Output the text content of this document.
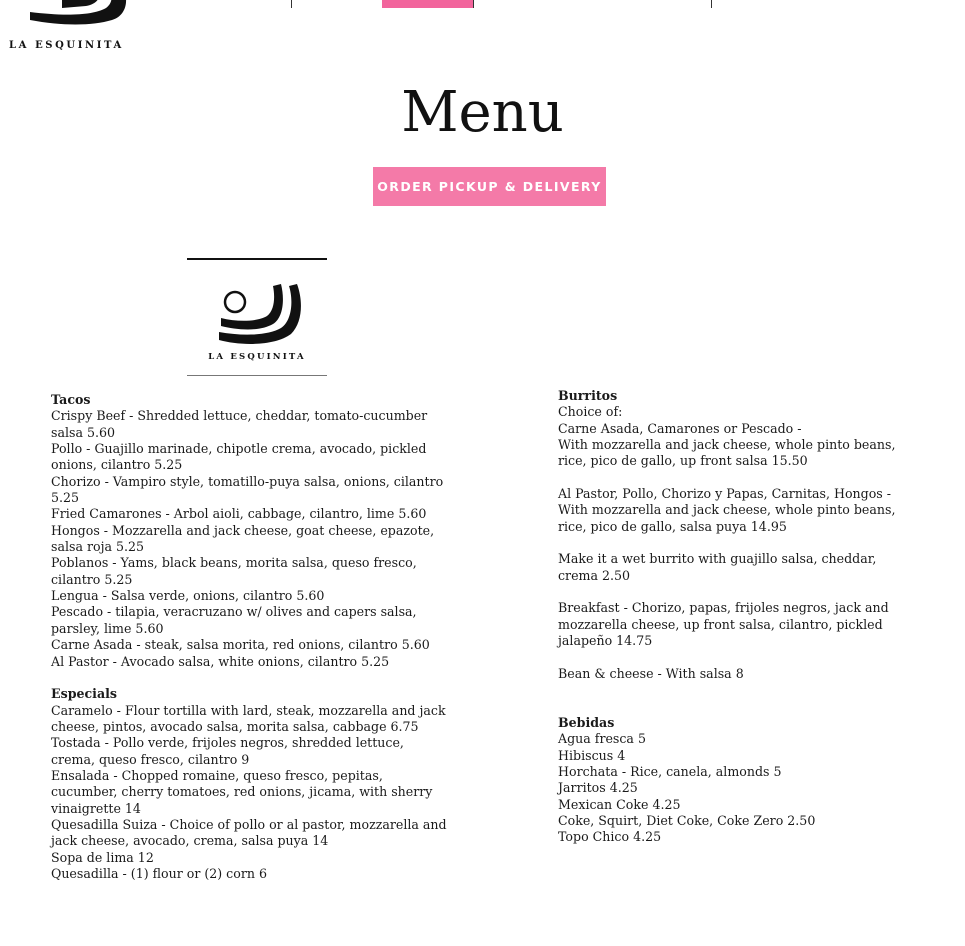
LA ESQUINITA
Menu
ORDER PICKUP & DELIVERY
LA ESQUINITA
Tacos
Crispy Beef - Shredded lettuce, cheddar, tomato-cucumber
salsa 5.60
Pollo - Guajillo marinade, chipotle crema, avocado, pickled
onions, cilantro 5.25
Chorizo - Vampiro style, tomatillo-puya salsa, onions, cilantro
5.25
Fried Camarones - Arbol aioli, cabbage, cilantro, lime 5.60
Hongos - Mozzarella and jack cheese, goat cheese, epazote,
salsa roja 5.25
Poblanos - Yams, black beans, morita salsa, queso fresco,
cilantro 5.25
Lengua - Salsa verde, onions, cilantro 5.60
Pescado - tilapia, veracruzano w/ olives and capers salsa,
parsley, lime 5.60
Carne Asada - steak, salsa morita, red onions, cilantro 5.60
Al Pastor - Avocado salsa, white onions, cilantro 5.25
Especials
Caramelo - Flour tortilla with lard, steak, mozzarella and jack
cheese, pintos, avocado salsa, morita salsa, cabbage 6.75
Tostada - Pollo verde, frijoles negros, shredded lettuce,
crema, queso fresco, cilantro 9
Ensalada - Chopped romaine, queso fresco, pepitas,
cucumber, cherry tomatoes, red onions, jicama, with sherry
vinaigrette 14
Quesadilla Suiza - Choice of pollo or al pastor, mozzarella and
jack cheese, avocado, crema, salsa puya 14
Sopa de lima 12
Quesadilla - (1) flour or (2) corn 6
Burritos
Choice of:
Carne Asada, Camarones or Pescado -
With mozzarella and jack cheese, whole pinto beans,
rice, pico de gallo, up front salsa 15.50
Al Pastor, Pollo, Chorizo y Papas, Carnitas, Hongos -
With mozzarella and jack cheese, whole pinto beans,
rice, pico de gallo, salsa puya 14.95
Make it a wet burrito with guajillo salsa, cheddar,
crema 2.50
Breakfast - Chorizo, papas, frijoles negros, jack and
mozzarella cheese, up front salsa, cilantro, pickled
jalapeño 14.75
Bean & cheese - With salsa 8
Bebidas
Agua fresca 5
Hibiscus 4
Horchata - Rice, canela, almonds 5
Jarritos 4.25
Mexican Coke 4.25
Coke, Squirt, Diet Coke, Coke Zero 2.50
Topo Chico 4.25
